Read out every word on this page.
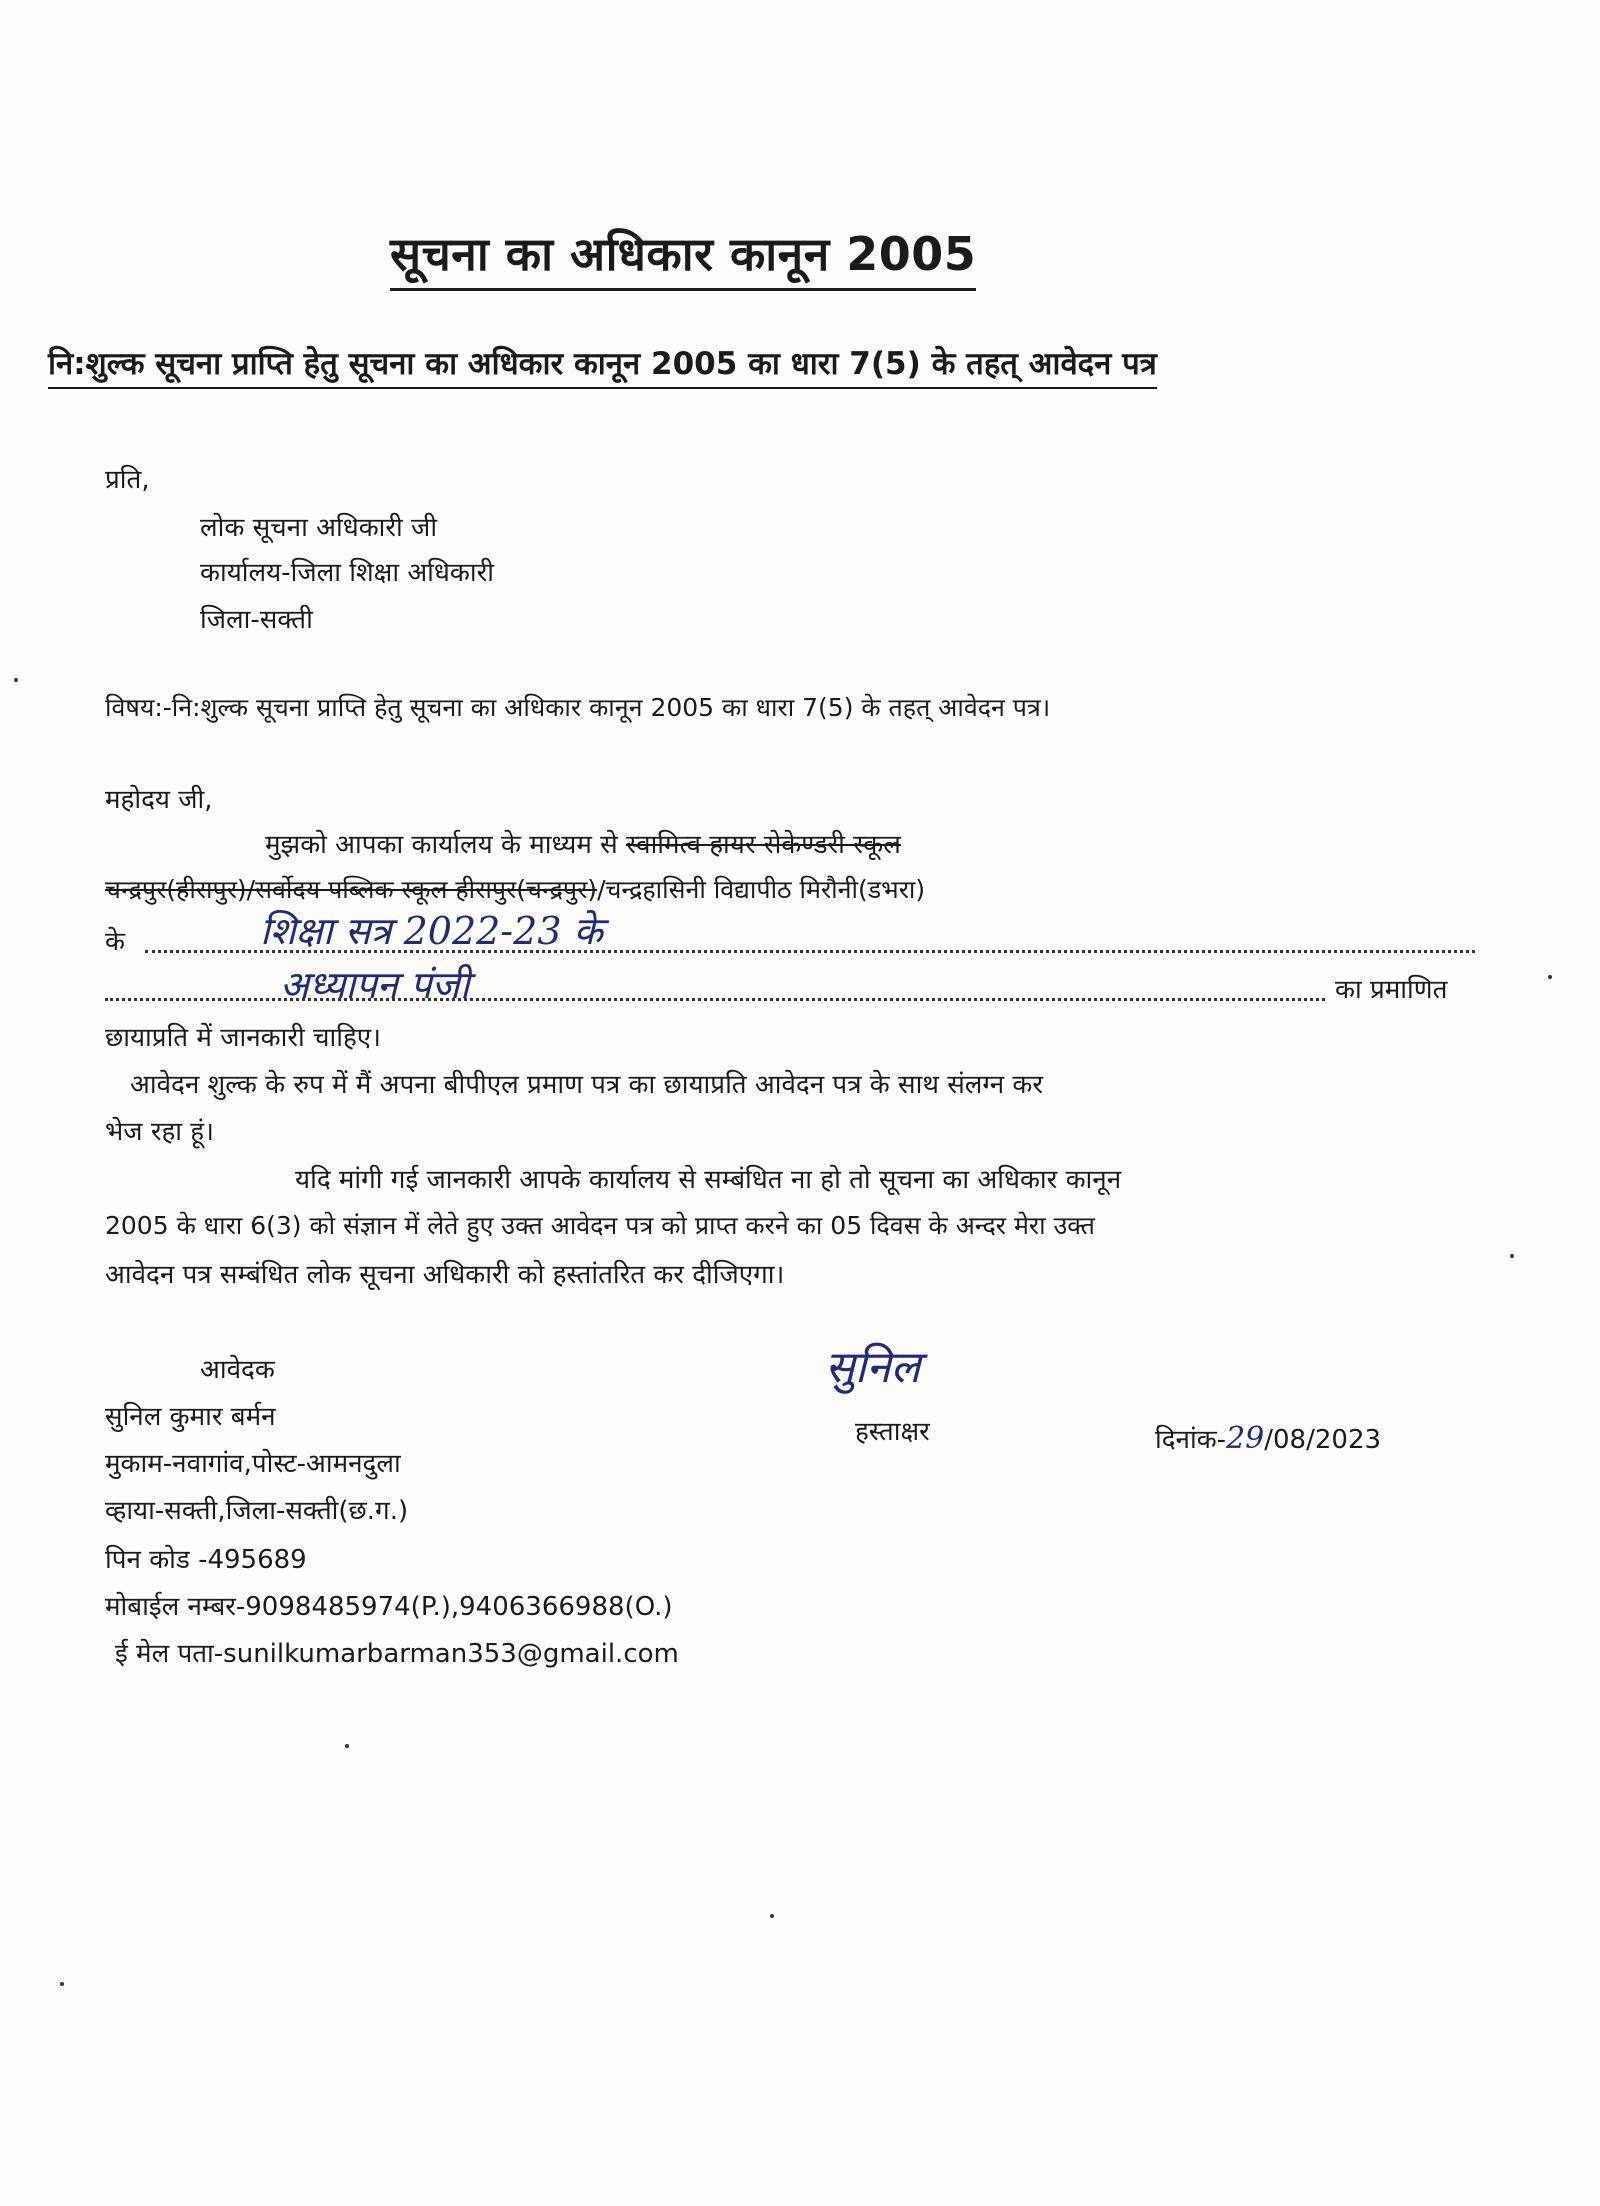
सूचना का अधिकार कानून 2005
नि:शुल्क सूचना प्राप्ति हेतु सूचना का अधिकार कानून 2005 का धारा 7(5) के तहत् आवेदन पत्र
प्रति,
लोक सूचना अधिकारी जी
कार्यालय-जिला शिक्षा अधिकारी
जिला-सक्ती
विषय:-नि:शुल्क सूचना प्राप्ति हेतु सूचना का अधिकार कानून 2005 का धारा 7(5) के तहत् आवेदन पत्र।
महोदय जी,
मुझको आपका कार्यालय के माध्यम से स्वामित्व हायर सेकेण्डरी स्कूल
चन्द्रपुर(हीरापुर)/सर्वोदय पब्लिक स्कूल हीरापुर(चन्द्रपुर)/चन्द्रहासिनी विद्यापीठ मिरौनी(डभरा)
के	शिक्षा सत्र 2022-23 के
अध्यापन पंजी	का प्रमाणित
छायाप्रति में जानकारी चाहिए।
आवेदन शुल्क के रुप में मैं अपना बीपीएल प्रमाण पत्र का छायाप्रति आवेदन पत्र के साथ संलग्न कर
भेज रहा हूं।
यदि मांगी गई जानकारी आपके कार्यालय से सम्बंधित ना हो तो सूचना का अधिकार कानून
2005 के धारा 6(3) को संज्ञान में लेते हुए उक्त आवेदन पत्र को प्राप्त करने का 05 दिवस के अन्दर मेरा उक्त
आवेदन पत्र सम्बंधित लोक सूचना अधिकारी को हस्तांतरित कर दीजिएगा।
आवेदक
सुनिल कुमार बर्मन
मुकाम-नवागांव,पोस्ट-आमनदुला
व्हाया-सक्ती,जिला-सक्ती(छ.ग.)
पिन कोड -495689
मोबाईल नम्बर-9098485974(P.),9406366988(O.)
ई मेल पता-sunilkumarbarman353@gmail.com
सुनिल
हस्ताक्षर	दिनांक-29/08/2023
